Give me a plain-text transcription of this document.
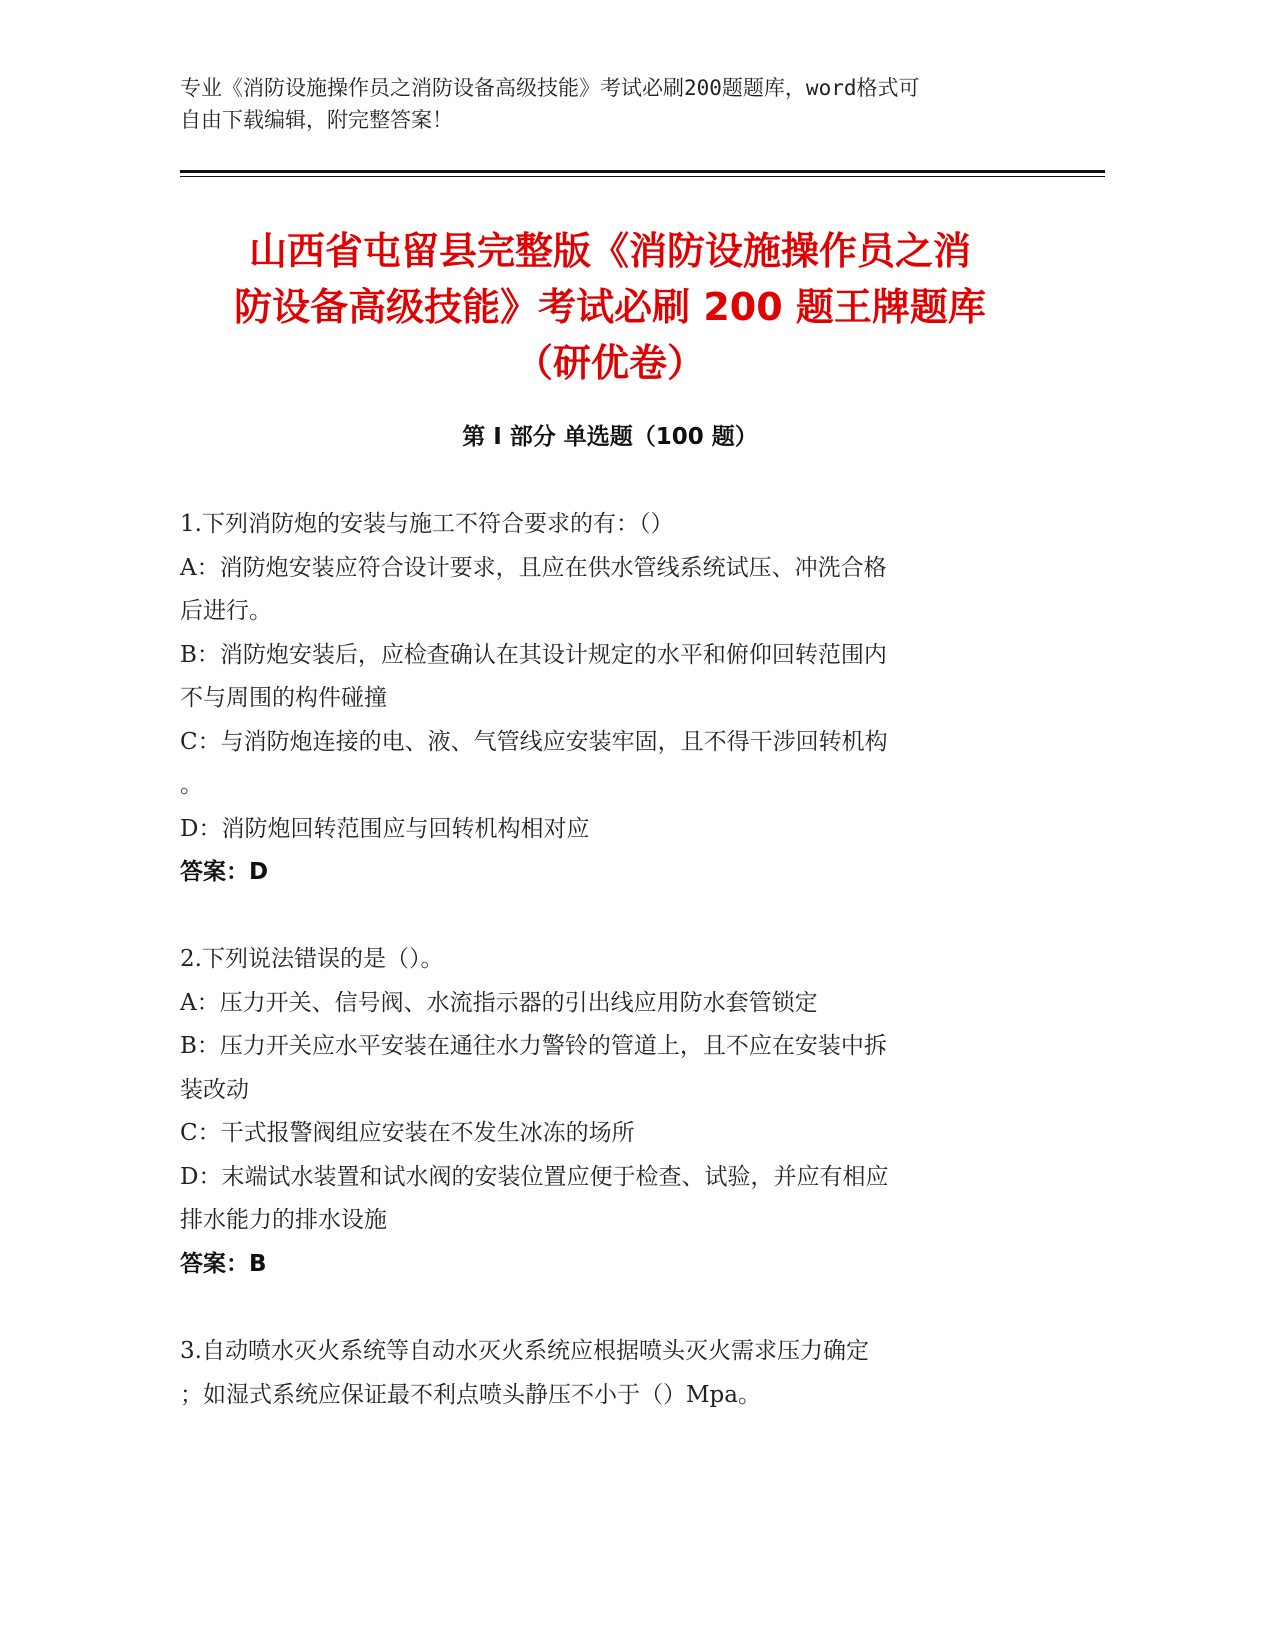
专业《消防设施操作员之消防设备高级技能》考试必刷200题题库，word格式可
自由下载编辑，附完整答案！
山西省屯留县完整版《消防设施操作员之消
防设备高级技能》考试必刷 200 题王牌题库
（研优卷）
第 I 部分 单选题（100 题）

1.下列消防炮的安装与施工不符合要求的有：（）

A：消防炮安装应符合设计要求，且应在供水管线系统试压、冲洗合格

后进行。

B：消防炮安装后，应检查确认在其设计规定的水平和俯仰回转范围内

不与周围的构件碰撞

C：与消防炮连接的电、液、气管线应安装牢固，且不得干涉回转机构

。

D：消防炮回转范围应与回转机构相对应

答案：D

2.下列说法错误的是（）。

A：压力开关、信号阀、水流指示器的引出线应用防水套管锁定

B：压力开关应水平安装在通往水力警铃的管道上，且不应在安装中拆

装改动

C：干式报警阀组应安装在不发生冰冻的场所

D：末端试水装置和试水阀的安装位置应便于检查、试验，并应有相应

排水能力的排水设施

答案：B

3.自动喷水灭火系统等自动水灭火系统应根据喷头灭火需求压力确定

；如湿式系统应保证最不利点喷头静压不小于（）Mpa。
